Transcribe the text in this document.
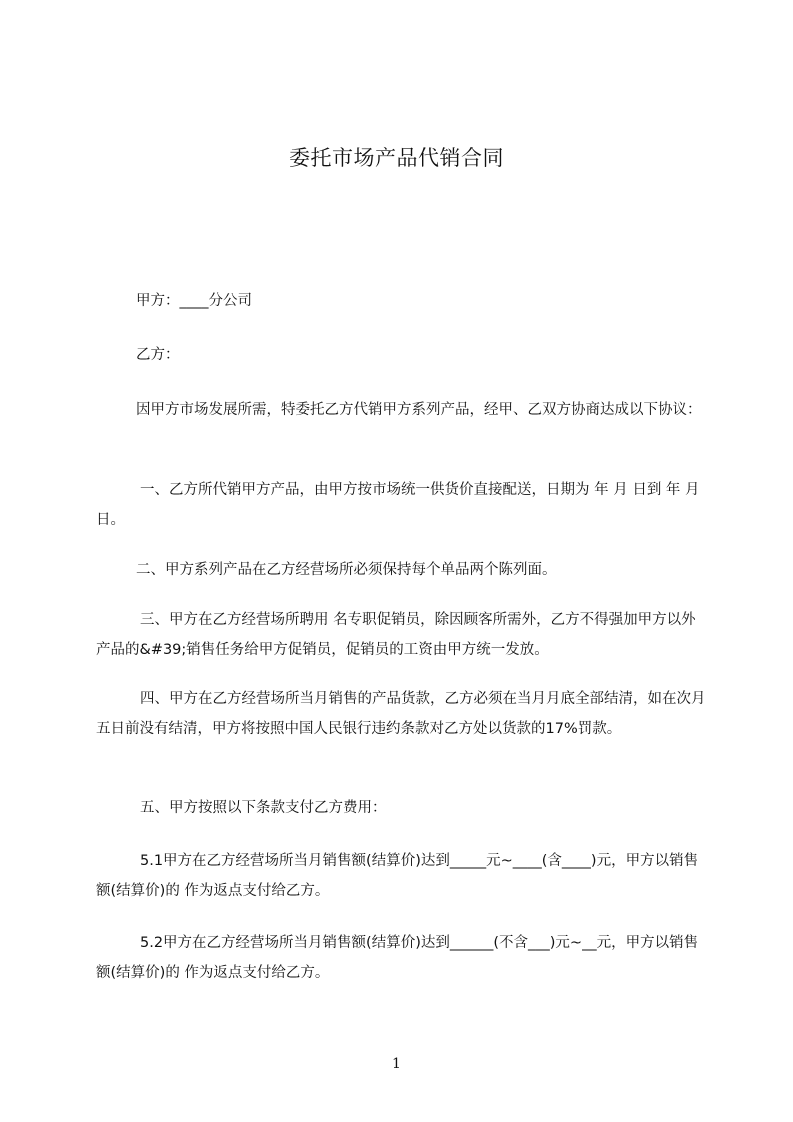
委托市场产品代销合同
甲方：____分公司
乙方：
因甲方市场发展所需，特委托乙方代销甲方系列产品，经甲、乙双方协商达成以下协议：
一、乙方所代销甲方产品，由甲方按市场统一供货价直接配送，日期为 年 月 日到 年 月 日。
二、甲方系列产品在乙方经营场所必须保持每个单品两个陈列面。
三、甲方在乙方经营场所聘用 名专职促销员，除因顾客所需外，乙方不得强加甲方以外产品的&#39;销售任务给甲方促销员，促销员的工资由甲方统一发放。
四、甲方在乙方经营场所当月销售的产品货款，乙方必须在当月月底全部结清，如在次月五日前没有结清，甲方将按照中国人民银行违约条款对乙方处以货款的17%罚款。
五、甲方按照以下条款支付乙方费用：
5.1甲方在乙方经营场所当月销售额(结算价)达到_____元~____(含____)元，甲方以销售额(结算价)的 作为返点支付给乙方。
5.2甲方在乙方经营场所当月销售额(结算价)达到______(不含___)元~__元，甲方以销售额(结算价)的 作为返点支付给乙方。
1
